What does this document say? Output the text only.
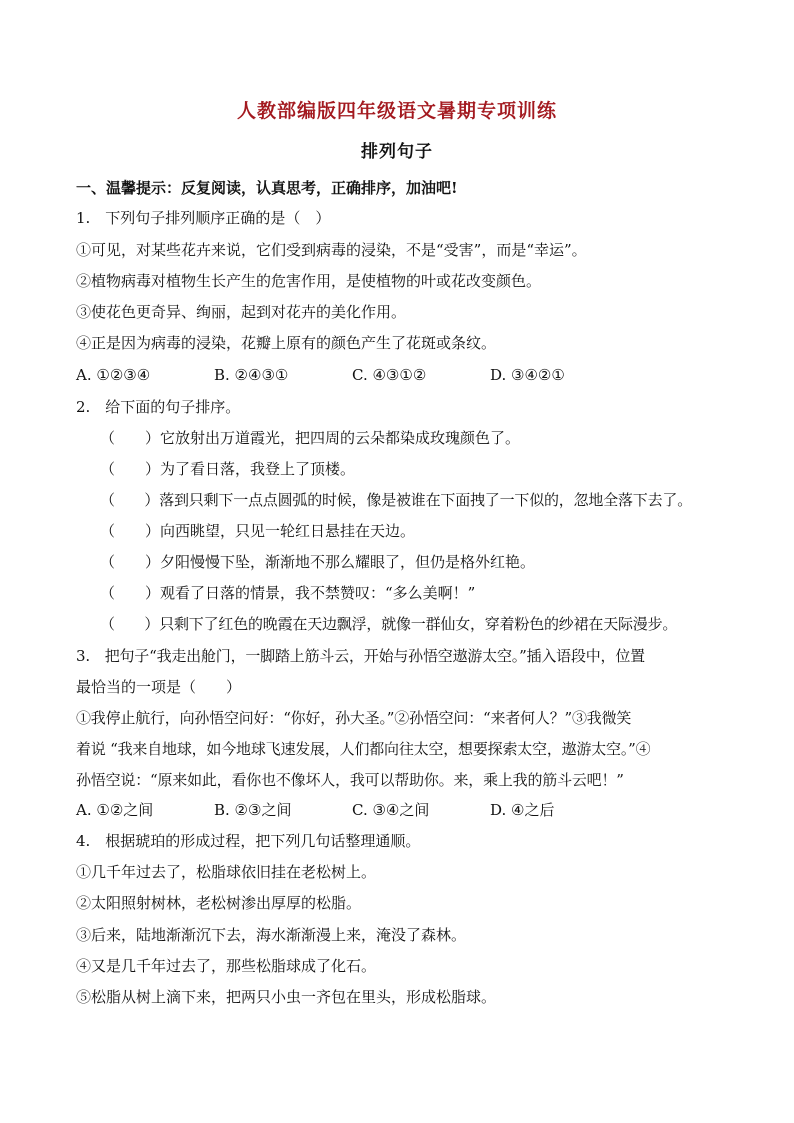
人教部编版四年级语文暑期专项训练
排列句子
一、温馨提示：反复阅读，认真思考，正确排序，加油吧!
1.　下列句子排列顺序正确的是（　）
①可见，对某些花卉来说，它们受到病毒的浸染，不是“受害”，而是“幸运”。
②植物病毒对植物生长产生的危害作用，是使植物的叶或花改变颜色。
③使花色更奇异、绚丽，起到对花卉的美化作用。
④正是因为病毒的浸染，花瓣上原有的颜色产生了花斑或条纹。
A. ①②③④	B. ②④③①	C. ④③①②	D. ③④②①
2.　给下面的句子排序。
（　　）它放射出万道霞光，把四周的云朵都染成玫瑰颜色了。
（　　）为了看日落，我登上了顶楼。
（　　）落到只剩下一点点圆弧的时候，像是被谁在下面拽了一下似的，忽地全落下去了。
（　　）向西眺望，只见一轮红日悬挂在天边。
（　　）夕阳慢慢下坠，渐渐地不那么耀眼了，但仍是格外红艳。
（　　）观看了日落的情景，我不禁赞叹：“多么美啊！”
（　　）只剩下了红色的晚霞在天边飘浮，就像一群仙女，穿着粉色的纱裙在天际漫步。
3.　把句子“我走出舱门，一脚踏上筋斗云，开始与孙悟空遨游太空。”插入语段中，位置
最恰当的一项是（　　）
①我停止航行，向孙悟空问好：“你好，孙大圣。”②孙悟空问：“来者何人？”③我微笑
着说 “我来自地球，如今地球飞速发展，人们都向往太空，想要探索太空，遨游太空。”④
孙悟空说：“原来如此，看你也不像坏人，我可以帮助你。来，乘上我的筋斗云吧！”
A. ①②之间	B. ②③之间	C. ③④之间	D. ④之后
4.　根据琥珀的形成过程，把下列几句话整理通顺。
①几千年过去了，松脂球依旧挂在老松树上。
②太阳照射树林，老松树渗出厚厚的松脂。
③后来，陆地渐渐沉下去，海水渐渐漫上来，淹没了森林。
④又是几千年过去了，那些松脂球成了化石。
⑤松脂从树上滴下来，把两只小虫一齐包在里头，形成松脂球。
